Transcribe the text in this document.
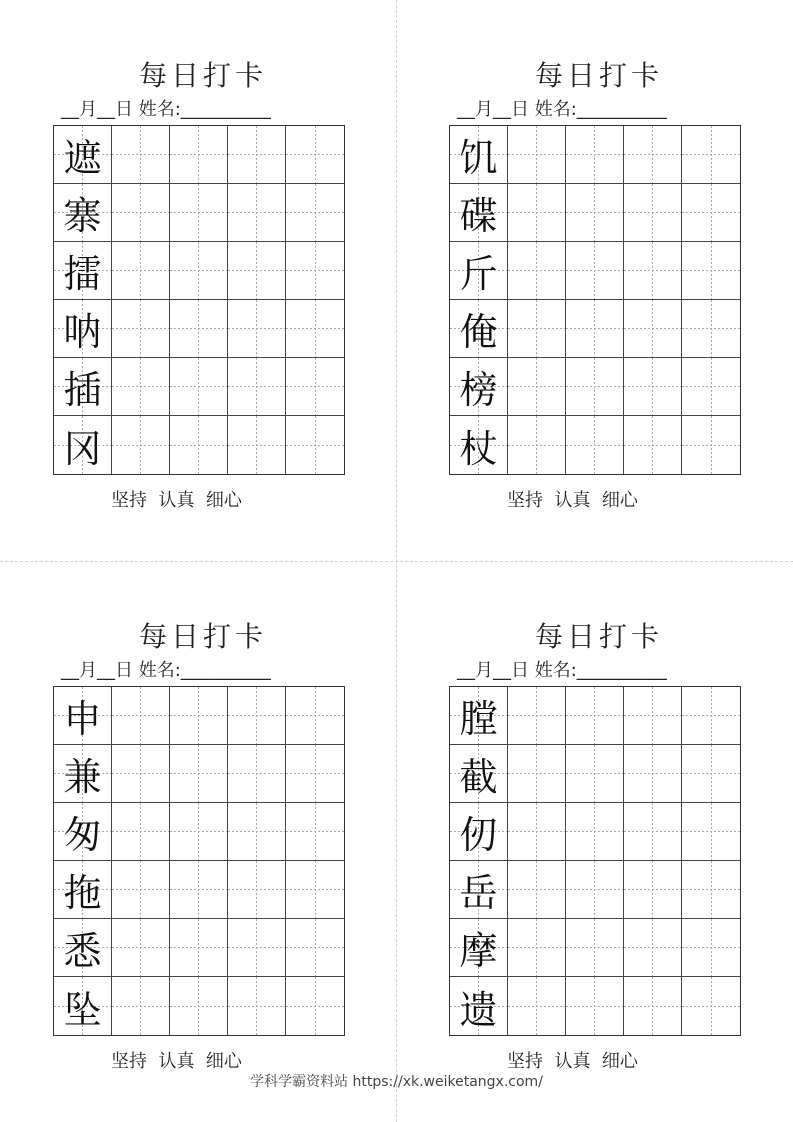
每日打卡
__月__日 姓名:__________
遮
寨
擂
呐
插
冈
坚持  认真  细心
每日打卡
__月__日 姓名:__________
饥
碟
斤
俺
榜
杖
坚持  认真  细心
每日打卡
__月__日 姓名:__________
申
兼
匆
拖
悉
坠
坚持  认真  细心
每日打卡
__月__日 姓名:__________
膛
截
仞
岳
摩
遗
坚持  认真  细心
学科学霸资料站 https://xk.weiketangx.com/
